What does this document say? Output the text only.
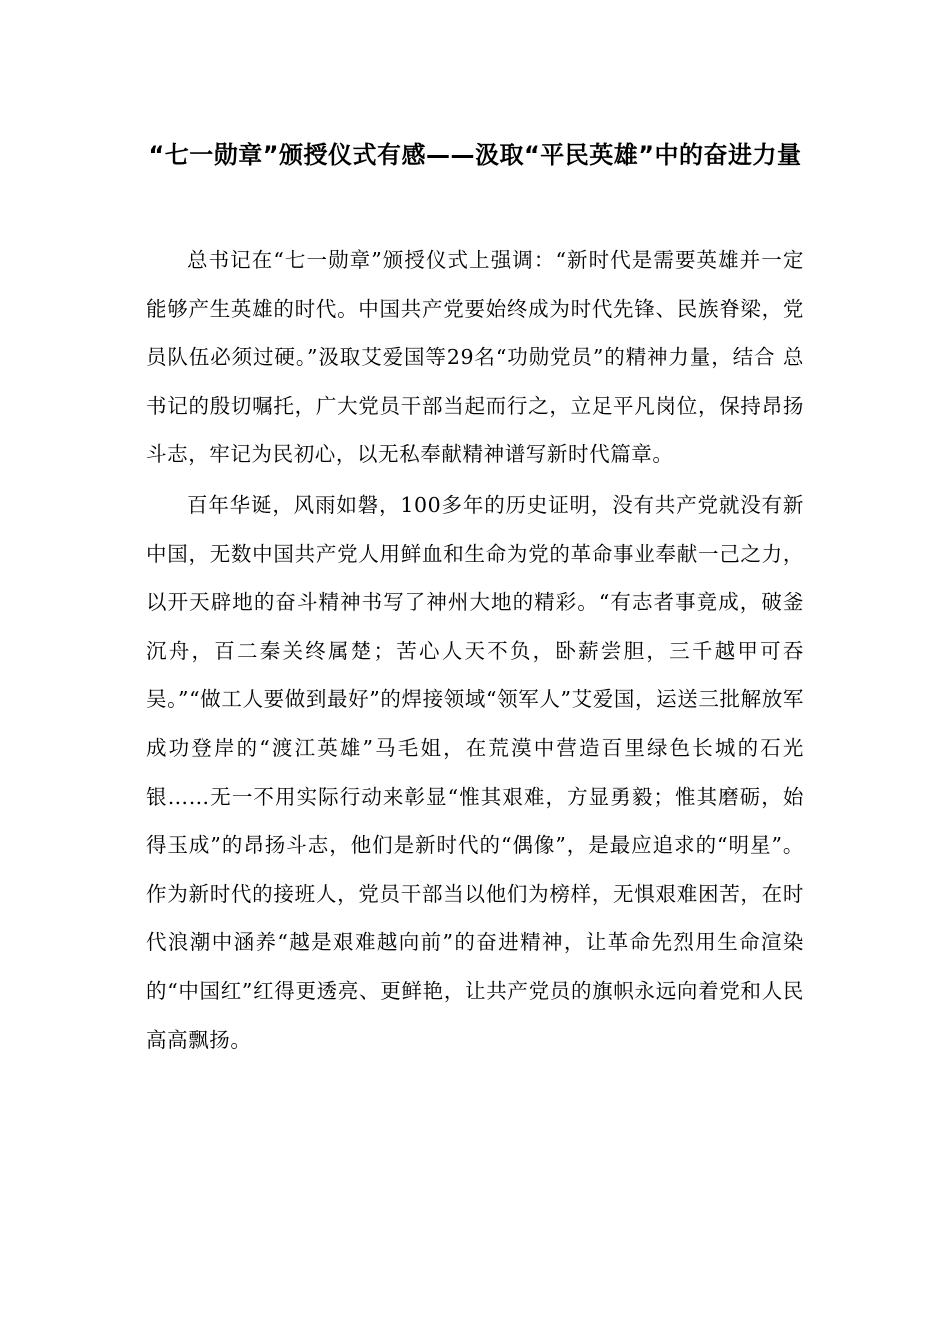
“七一勋章”颁授仪式有感——汲取“平民英雄”中的奋进力量

总书记在“七一勋章”颁授仪式上强调：“新时代是需要英雄并一定能够产生英雄的时代。中国共产党要始终成为时代先锋、民族脊梁，党员队伍必须过硬。”汲取艾爱国等29名“功勋党员”的精神力量，结合 总书记的殷切嘱托，广大党员干部当起而行之，立足平凡岗位，保持昂扬斗志，牢记为民初心，以无私奉献精神谱写新时代篇章。

百年华诞，风雨如磐，100多年的历史证明，没有共产党就没有新中国，无数中国共产党人用鲜血和生命为党的革命事业奉献一己之力，以开天辟地的奋斗精神书写了神州大地的精彩。“有志者事竟成，破釜沉舟，百二秦关终属楚；苦心人天不负，卧薪尝胆，三千越甲可吞吴。”“做工人要做到最好”的焊接领域“领军人”艾爱国，运送三批解放军成功登岸的“渡江英雄”马毛姐，在荒漠中营造百里绿色长城的石光银……无一不用实际行动来彰显“惟其艰难，方显勇毅；惟其磨砺，始得玉成”的昂扬斗志，他们是新时代的“偶像”，是最应追求的“明星”。作为新时代的接班人，党员干部当以他们为榜样，无惧艰难困苦，在时代浪潮中涵养“越是艰难越向前”的奋进精神，让革命先烈用生命渲染的“中国红”红得更透亮、更鲜艳，让共产党员的旗帜永远向着党和人民高高飘扬。
